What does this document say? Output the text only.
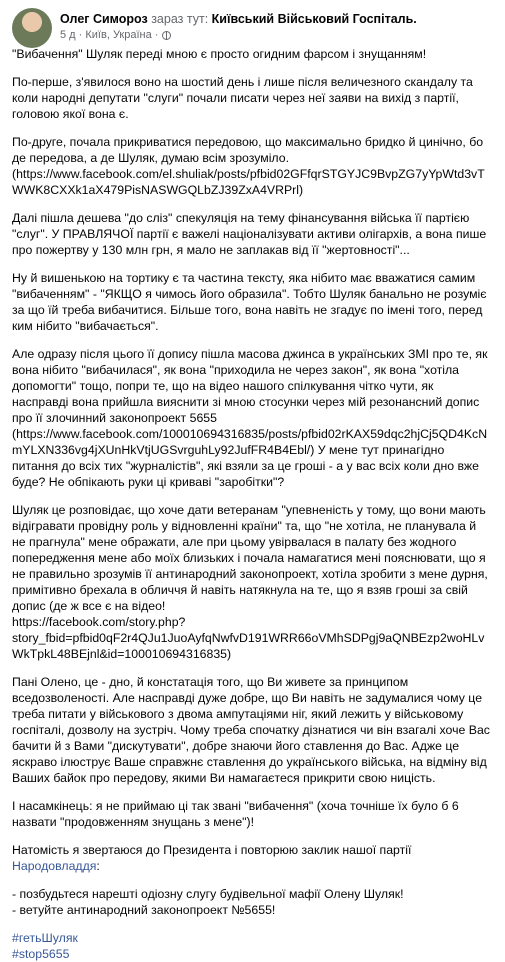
Олег Симороз зараз тут: Київський Військовий Госпіталь.
5 д · Київ, Україна ·

"Вибачення" Шуляк переді мною є просто огидним фарсом і знущанням!

По-перше, з'явилося воно на шостий день і лише після величезного скандалу та коли народні депутати "слуги" почали писати через неї заяви на вихід з партії, головою якої вона є.

По-друге, почала прикриватися передовою, що максимально бридко й цинічно, бо де передова, а де Шуляк, думаю всім зрозуміло.
(https://www.facebook.com/el.shuliak/posts/pfbid02GFfqrSTGYJC9BvpZG7yYpWtd3vTWWK8CXXk1aX479PisNASWGQLbZJ39ZxA4VRPrl)

Далі пішла дешева "до сліз" спекуляція на тему фінансування війська її партією "слуг". У ПРАВЛЯЧОЇ партії є важелі націоналізувати активи олігархів, а вона пише про пожертву у 130 млн грн, я мало не заплакав від її "жертовності"...

Ну й вишенькою на тортику є та частина тексту, яка нібито має вважатися самим "вибаченням" - "ЯКЩО я чимось його образила". Тобто Шуляк банально не розуміє за що їй треба вибачитися. Більше того, вона навіть не згадує по імені того, перед ким нібито "вибачається".

Але одразу після цього її допису пішла масова джинса в українських ЗМІ про те, як вона нібито "вибачилася", як вона "приходила не через закон", як вона "хотіла допомогти" тощо, попри те, що на відео нашого спілкування чітко чути, як насправді вона прийшла вияснити зі мною стосунки через мій резонансний допис про її злочинний законопроект 5655 (https://www.facebook.com/100010694316835/posts/pfbid02rKAX59dqc2hjCj5QD4KcNmYLXN336vg4jXUnHkVtjUGSvrguhLy92JufFR4B4Ebl/) У мене тут принагідно питання до всіх тих "журналістів", які взяли за це гроші - а у вас всіх коли дно вже буде? Не обпікають руки ці криваві "заробітки"?

Шуляк це розповідає, що хоче дати ветеранам "упевненість у тому, що вони мають відігравати провідну роль у відновленні країни" та, що "не хотіла, не планувала й не прагнула" мене ображати, але при цьому увірвалася в палату без жодного попередження мене або моїх близьких і почала намагатися мені пояснювати, що я не правильно зрозумів її антинародний законопроект, хотіла зробити з мене дурня, примітивно брехала в обличчя й навіть натякнула на те, що я взяв гроші за свій допис (де ж все є на відео!
https://facebook.com/story.php?story_fbid=pfbid0qF2r4QJu1JuoAyfqNwfvD191WRR66oVMhSDPgj9aQNBEzp2woHLvWkTpkL48BEjnl&id=100010694316835)

Пані Олено, це - дно, й констатація того, що Ви живете за принципом вседозволеності. Але насправді дуже добре, що Ви навіть не задумалися чому це треба питати у військового з двома ампутаціями ніг, який лежить у військовому госпіталі, дозволу на зустріч. Чому треба спочатку дізнатися чи він взагалі хоче Вас бачити й з Вами "дискутувати", добре знаючи його ставлення до Вас. Адже це яскраво ілюструє Ваше справжнє ставлення до українського війська, на відміну від Ваших байок про передову, якими Ви намагаєтеся прикрити свою ницість.

І насамкінець: я не приймаю ці так звані "вибачення" (хоча точніше їх було б 6 назвати "продовженням знущань з мене")!

Натомість я звертаюся до Президента і повторюю заклик нашої партії Народовладдя:

- позбудьтеся нарешті одіозну слугу будівельної мафії Олену Шуляк!
- ветуйте антинародний законопроект №5655!

#гетьШуляк

#stop5655
